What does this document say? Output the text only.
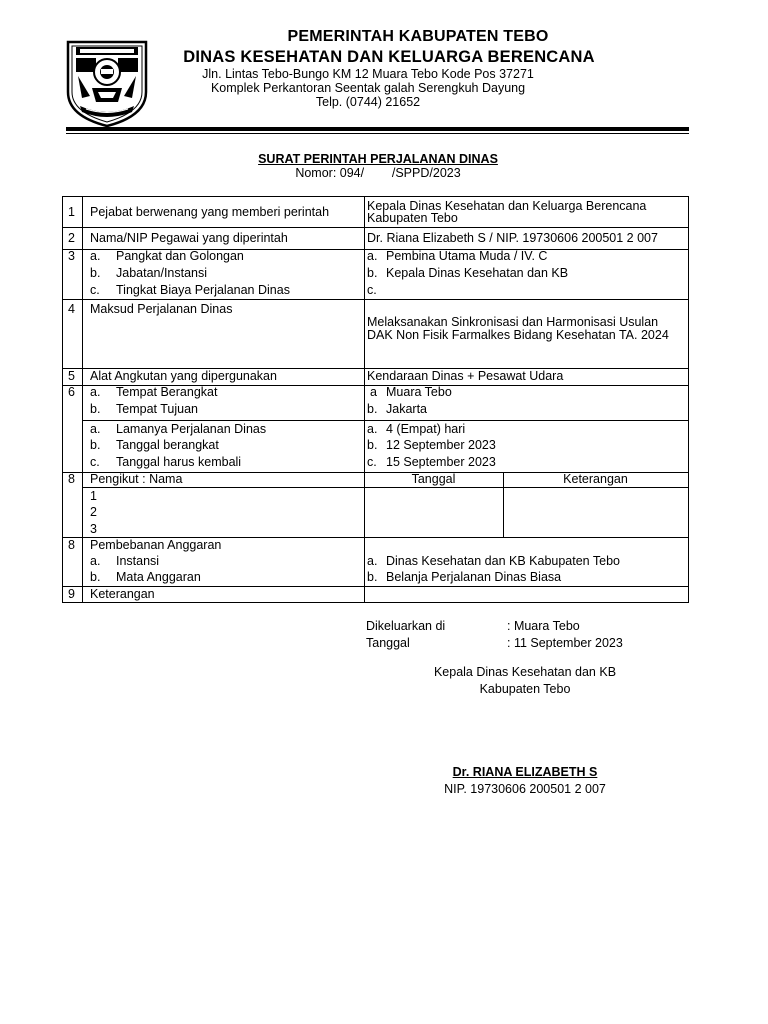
PEMERINTAH KABUPATEN TEBO
DINAS KESEHATAN DAN KELUARGA BERENCANA
Jln. Lintas Tebo-Bungo KM 12 Muara Tebo Kode Pos 37271
Komplek Perkantoran Seentak galah Serengkuh Dayung
Telp. (0744) 21652
SURAT PERINTAH PERJALANAN DINAS
Nomor: 094/        /SPPD/2023
1 Pejabat berwenang yang memberi perintah	Kepala Dinas Kesehatan dan Keluarga Berencana
Kabupaten Tebo
2 Nama/NIP Pegawai yang diperintah	Dr. Riana Elizabeth S / NIP. 19730606 200501 2 007
3 a. Pangkat dan Golongan	a. Pembina Utama Muda / IV. C
b. Jabatan/Instansi	b. Kepala Dinas Kesehatan dan KB
c. Tingkat Biaya Perjalanan Dinas	c.
4 Maksud Perjalanan Dinas
Melaksanakan Sinkronisasi dan Harmonisasi Usulan DAK Non Fisik Farmalkes Bidang Kesehatan TA. 2024
5 Alat Angkutan yang dipergunakan	Kendaraan Dinas + Pesawat Udara
6 a. Tempat Berangkat	a Muara Tebo
b. Tempat Tujuan	b. Jakarta
a. Lamanya Perjalanan Dinas	a. 4 (Empat) hari
b. Tanggal berangkat	b. 12 September 2023
c. Tanggal harus kembali	c. 15 September 2023
8 Pengikut : Nama	Tanggal	Keterangan
1
2
3
8 Pembebanan Anggaran
a. Instansi	a. Dinas Kesehatan dan KB Kabupaten Tebo
b. Mata Anggaran	b. Belanja Perjalanan Dinas Biasa
9 Keterangan
Dikeluarkan di	: Muara Tebo
Tanggal	: 11 September 2023
Kepala Dinas Kesehatan dan KB
Kabupaten Tebo
Dr. RIANA ELIZABETH S
NIP. 19730606 200501 2 007
